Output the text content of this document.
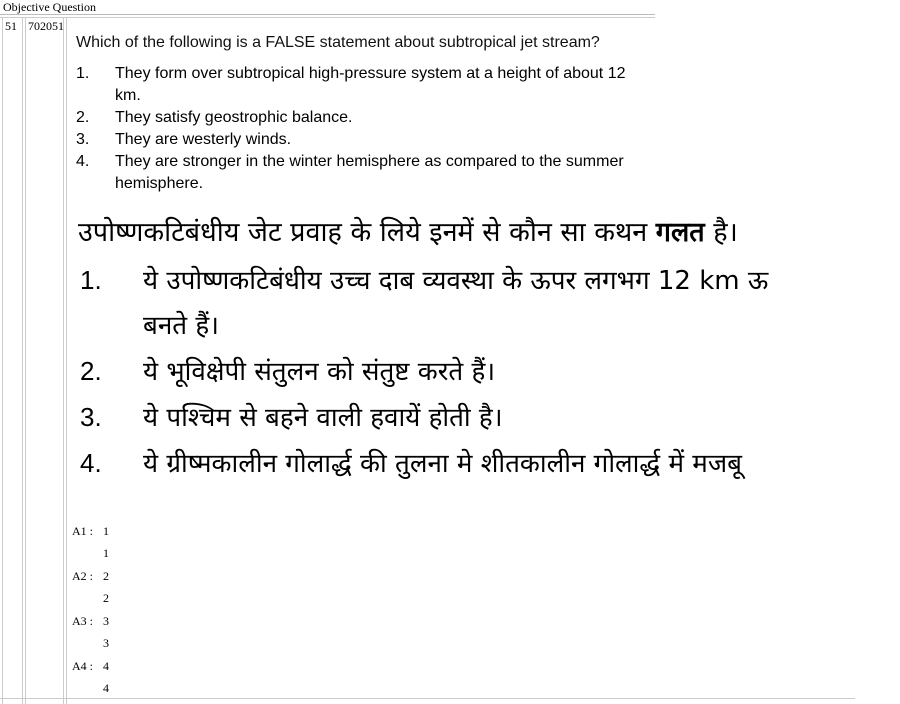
Objective Question
51 702051
Which of the following is a FALSE statement about subtropical jet stream?
1. They form over subtropical high-pressure system at a height of about 12 km.
2. They satisfy geostrophic balance.
3. They are westerly winds.
4. They are stronger in the winter hemisphere as compared to the summer hemisphere.
उपोष्णकटिबंधीय जेट प्रवाह के लिये इनमें से कौन सा कथन गलत है।
1. ये उपोष्णकटिबंधीय उच्च दाब व्यवस्था के ऊपर लगभग 12 km ऊ
बनते हैं।
2. ये भूविक्षेपी संतुलन को संतुष्ट करते हैं।
3. ये पश्चिम से बहने वाली हवायें होती है।
4. ये ग्रीष्मकालीन गोलार्द्ध की तुलना मे शीतकालीन गोलार्द्ध में मजबू
A1 : 1
1
A2 : 2
2
A3 : 3
3
A4 : 4
4
